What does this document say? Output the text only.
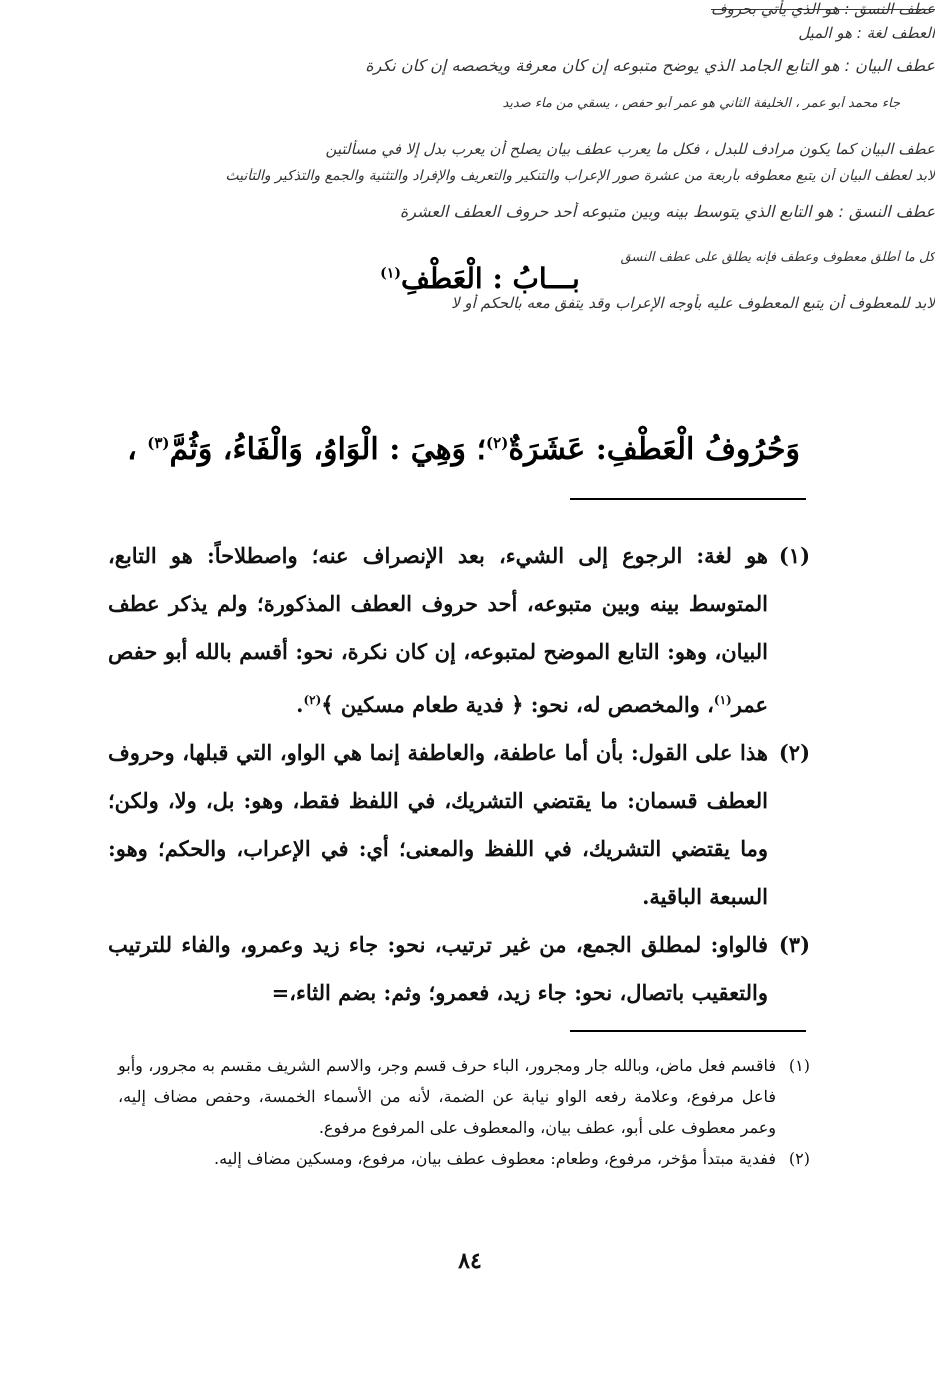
عطف النسق : هو الذي يأتي بحروف
العطف لغة : هو الميل
عطف البيان : هو التابع الجامد الذي يوضح متبوعه إن كان معرفة ويخصصه إن كان نكرة
جاء محمد أبو عمر ، الخليفة الثاني هو عمر أبو حفص ، يسقي من ماء صديد
عطف البيان كما يكون مرادف للبدل ، فكل ما يعرب عطف بيان يصلح أن يعرب بدل إلا في مسألتين
لابد لعطف البيان أن يتبع معطوفه بأربعة من عشرة صور الإعراب والتنكير والتعريف والإفراد والتثنية والجمع والتذكير والتأنيث
عطف النسق : هو التابع الذي يتوسط بينه وبين متبوعه أحد حروف العطف العشرة
كل ما أطلق معطوف وعطف فإنه يطلق على عطف النسق
لابد للمعطوف أن يتبع المعطوف عليه بأوجه الإعراب وقد يتفق معه بالحكم أو لا
بـــابُ : الْعَطْفِ$^{(١)}$
وَحُرُوفُ الْعَطْفِ: عَشَرَةٌ$^{(٢)}$؛ وَهِيَ : الْوَاوُ، وَالْفَاءُ، وَثُمَّ$^{(٣)}$ ،
(١)
هو لغة: الرجوع إلى الشيء، بعد الإنصراف عنه؛ واصطلاحاً: هو التابع، المتوسط بينه وبين متبوعه، أحد حروف العطف المذكورة؛ ولم يذكر عطف البيان، وهو: التابع الموضح لمتبوعه، إن كان نكرة، نحو: أقسم بالله أبو حفص عمر$^{(١)}$، والمخصص له، نحو: ﴿ فدية طعام مسكين ﴾$^{(٢)}$.
(٢)
هذا على القول: بأن أما عاطفة، والعاطفة إنما هي الواو، التي قبلها، وحروف العطف قسمان: ما يقتضي التشريك، في اللفظ فقط، وهو: بل، ولا، ولكن؛ وما يقتضي التشريك، في اللفظ والمعنى؛ أي: في الإعراب، والحكم؛ وهو: السبعة الباقية.
(٣)
فالواو: لمطلق الجمع، من غير ترتيب، نحو: جاء زيد وعمرو، والفاء للترتيب والتعقيب باتصال، نحو: جاء زيد، فعمرو؛ وثم: بضم الثاء،=
(١)
فاقسم فعل ماض، وبالله جار ومجرور، الباء حرف قسم وجر، والاسم الشريف مقسم به مجرور، وأبو فاعل مرفوع، وعلامة رفعه الواو نيابة عن الضمة، لأنه من الأسماء الخمسة، وحفص مضاف إليه، وعمر معطوف على أبو، عطف بيان، والمعطوف على المرفوع مرفوع.
(٢)
ففدية مبتدأ مؤخر، مرفوع، وطعام: معطوف عطف بيان، مرفوع، ومسكين مضاف إليه.
٨٤
